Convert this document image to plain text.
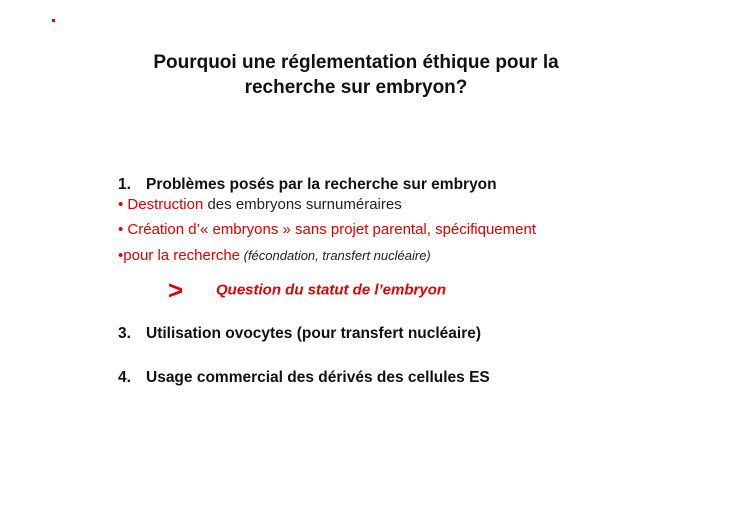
Pourquoi une réglementation éthique pour la
recherche sur embryon?
1. Problèmes posés par la recherche sur embryon
• Destruction des embryons surnuméraires
• Création d’« embryons » sans projet parental, spécifiquement
•pour la recherche (fécondation, transfert nucléaire)
> Question du statut de l’embryon
3. Utilisation ovocytes (pour transfert nucléaire)
4. Usage commercial des dérivés des cellules ES
